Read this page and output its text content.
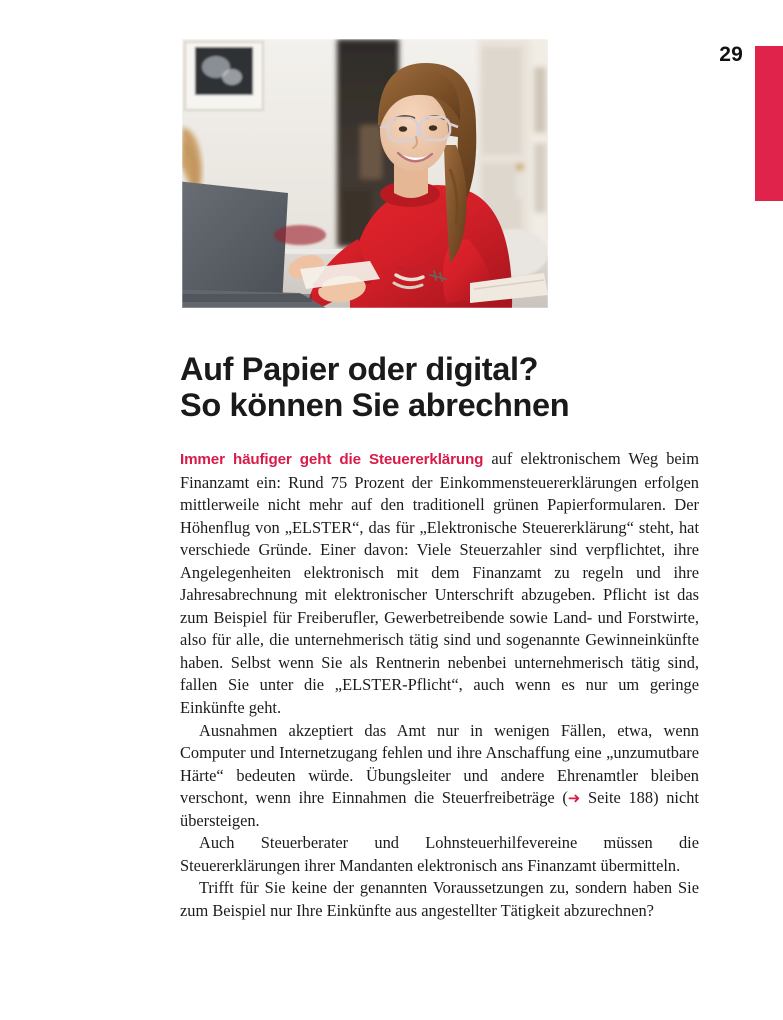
29
Auf Papier oder digital?
So können Sie abrechnen

Immer häufiger geht die Steuererklärung auf elektronischem Weg beim Finanzamt ein: Rund 75 Prozent der Einkommensteuererklärungen erfolgen mittlerweile nicht mehr auf den traditionell grünen Papierformularen. Der Höhenflug von „ELSTER“, das für „Elektronische Steuererklärung“ steht, hat verschiede Gründe. Einer davon: Viele Steuerzahler sind verpflichtet, ihre Angelegenheiten elektronisch mit dem Finanzamt zu regeln und ihre Jahresabrechnung mit elektronischer Unterschrift abzugeben. Pflicht ist das zum Beispiel für Freiberufler, Gewerbetreibende sowie Land- und Forstwirte, also für alle, die unternehmerisch tätig sind und sogenannte Gewinneinkünfte haben. Selbst wenn Sie als Rentnerin nebenbei unternehmerisch tätig sind, fallen Sie unter die „ELSTER-Pflicht“, auch wenn es nur um geringe Einkünfte geht.

Ausnahmen akzeptiert das Amt nur in wenigen Fällen, etwa, wenn Computer und Internetzugang fehlen und ihre Anschaffung eine „unzumutbare Härte“ bedeuten würde. Übungsleiter und andere Ehrenamtler bleiben verschont, wenn ihre Einnahmen die Steuerfreibeträge (➜ Seite 188) nicht übersteigen.

Auch Steuerberater und Lohnsteuerhilfevereine müssen die Steuererklärungen ihrer Mandanten elektronisch ans Finanzamt übermitteln.

Trifft für Sie keine der genannten Voraussetzungen zu, sondern haben Sie zum Beispiel nur Ihre Einkünfte aus angestellter Tätigkeit abzurechnen?
